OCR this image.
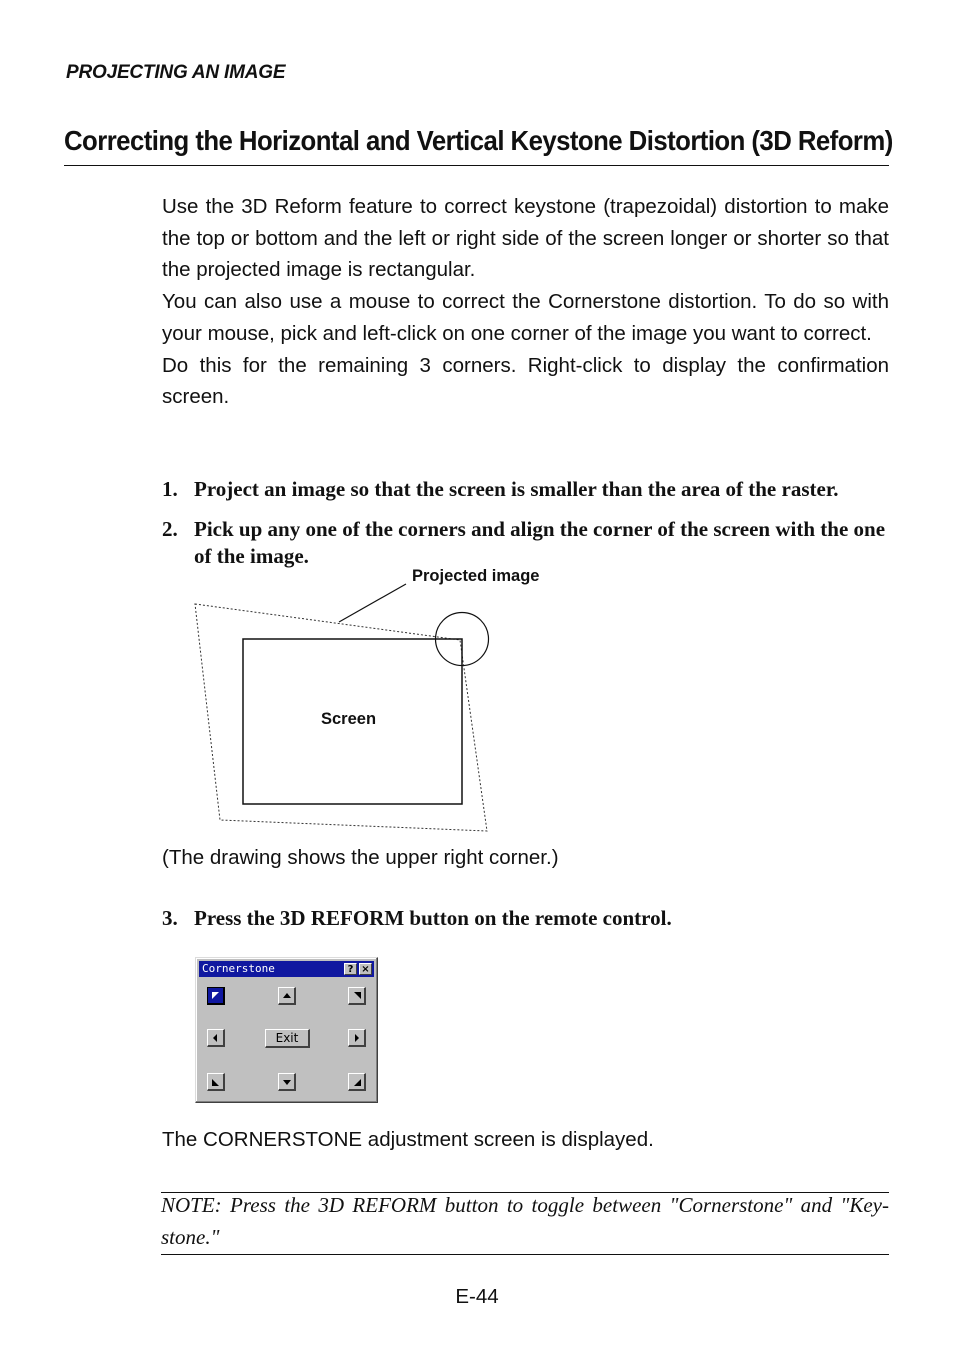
PROJECTING AN IMAGE
Correcting the Horizontal and Vertical Keystone Distortion (3D Reform)

Use the 3D Reform feature to correct keystone (trapezoidal) distortion to make the top or bottom and the left or right side of the screen longer or shorter so that the projected image is rectangular.

You can also use a mouse to correct the Cornerstone distortion. To do so with your mouse, pick and left-click on one corner of the image you want to correct.

Do this for the remaining 3 corners. Right-click to display the confirmation screen.

1. Project an image so that the screen is smaller than the area of the raster.
2. Pick up any one of the corners and align the corner of the screen with the one of the image.
Projected image
Screen
(The drawing shows the upper right corner.)
3. Press the 3D REFORM button on the remote control.
Cornerstone	? ×
Exit
The CORNERSTONE adjustment screen is displayed.
NOTE: Press the 3D REFORM button to toggle between "Cornerstone" and "Key-stone."
E-44
